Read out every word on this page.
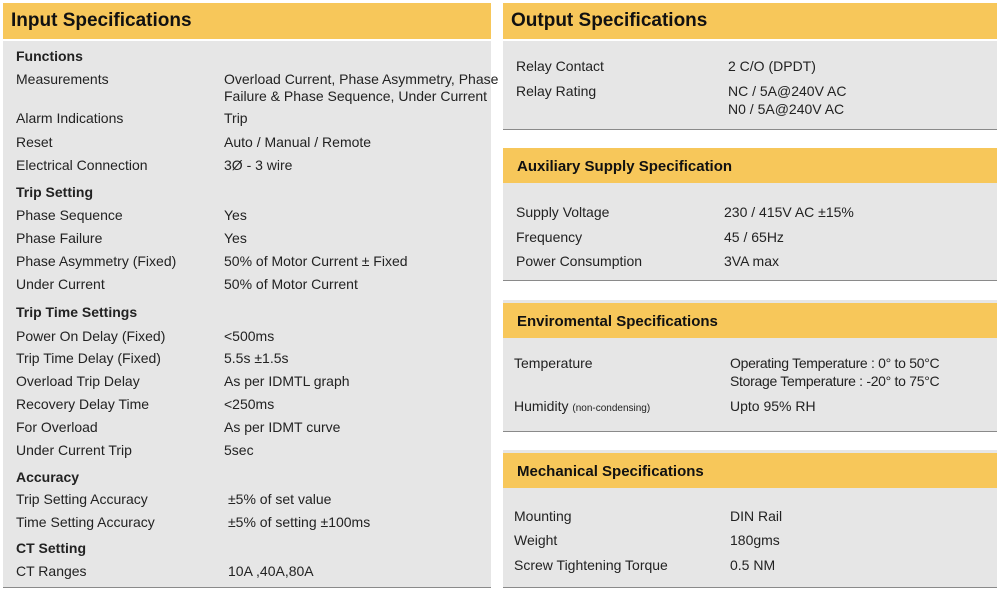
Input Specifications
Functions
Measurements	Overload Current, Phase Asymmetry, Phase
Failure & Phase Sequence, Under Current
Alarm Indications	Trip
Reset	Auto / Manual / Remote
Electrical Connection	3Ø - 3 wire
Trip Setting
Phase Sequence	Yes
Phase Failure	Yes
Phase Asymmetry (Fixed)	50% of Motor Current ± Fixed
Under Current	50% of Motor Current
Trip Time Settings
Power On Delay (Fixed)	<500ms
Trip Time Delay (Fixed)	5.5s ±1.5s
Overload Trip Delay	As per IDMTL graph
Recovery Delay Time	<250ms
For Overload	As per IDMT curve
Under Current Trip	5sec
Accuracy
Trip Setting Accuracy	±5% of set value
Time Setting Accuracy	±5% of setting ±100ms
CT Setting
CT Ranges	10A ,40A,80A
Output Specifications
Relay Contact	2 C/O (DPDT)
Relay Rating	NC / 5A@240V AC
N0 / 5A@240V AC
Auxiliary Supply Specification
Supply Voltage	230 / 415V AC ±15%
Frequency	45 / 65Hz
Power Consumption	3VA max
Enviromental Specifications
Temperature	Operating Temperature : 0° to 50°C
Storage Temperature : -20° to 75°C
Humidity (non-condensing)	Upto 95% RH
Mechanical Specifications
Mounting	DIN Rail
Weight	180gms
Screw Tightening Torque	0.5 NM
